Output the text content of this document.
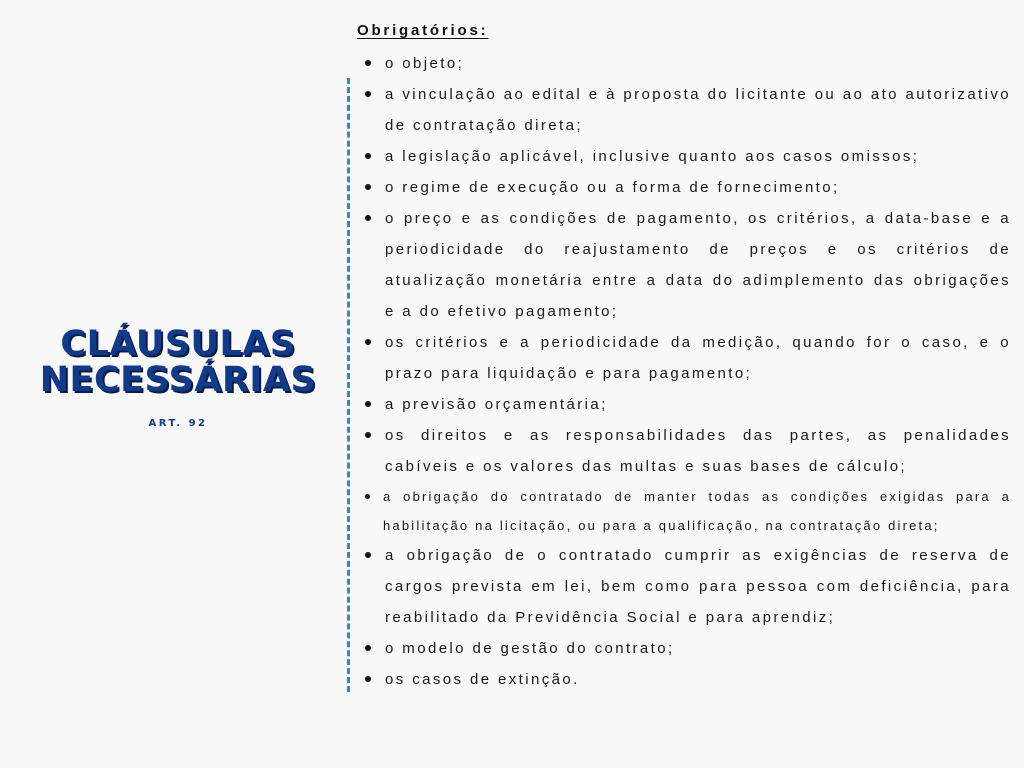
CLÁUSULAS NECESSÁRIAS
ART. 92
Obrigatórios:
o objeto;
a vinculação ao edital e à proposta do licitante ou ao ato autorizativo de contratação direta;
a legislação aplicável, inclusive quanto aos casos omissos;
o regime de execução ou a forma de fornecimento;
o preço e as condições de pagamento, os critérios, a data-base e a periodicidade do reajustamento de preços e os critérios de atualização monetária entre a data do adimplemento das obrigações e a do efetivo pagamento;
os critérios e a periodicidade da medição, quando for o caso, e o prazo para liquidação e para pagamento;
a previsão orçamentária;
os direitos e as responsabilidades das partes, as penalidades cabíveis e os valores das multas e suas bases de cálculo;
a obrigação do contratado de manter todas as condições exigidas para a habilitação na licitação, ou para a qualificação, na contratação direta;
a obrigação de o contratado cumprir as exigências de reserva de cargos prevista em lei, bem como para pessoa com deficiência, para reabilitado da Previdência Social e para aprendiz;
o modelo de gestão do contrato;
os casos de extinção.
